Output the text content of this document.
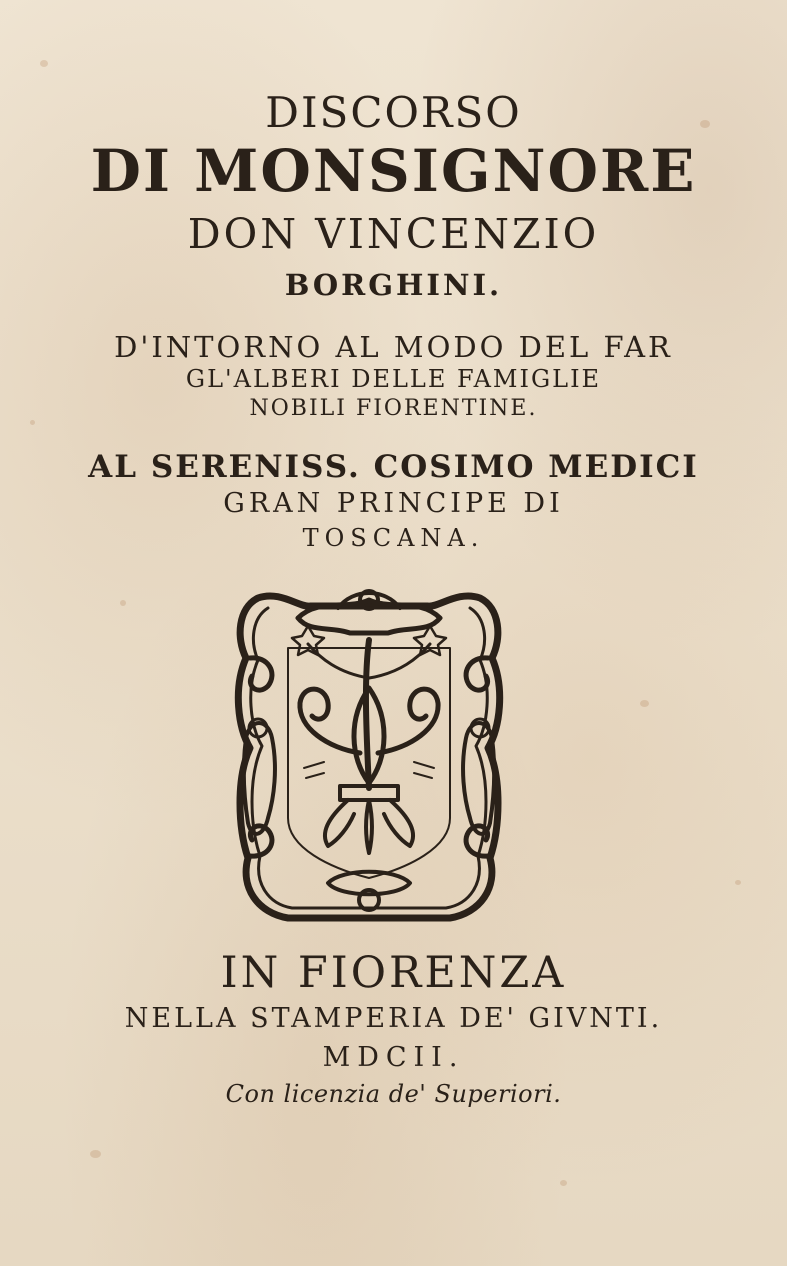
DISCORSO
DI MONSIGNORE
DON VINCENZIO
BORGHINI.
D'INTORNO AL MODO DEL FAR
GL'ALBERI DELLE FAMIGLIE
NOBILI FIORENTINE.
AL SERENISS. COSIMO MEDICI
GRAN PRINCIPE DI
TOSCANA.
IN FIORENZA
NELLA STAMPERIA DE' GIVNTI.
MDCII.
Con licenzia de' Superiori.
